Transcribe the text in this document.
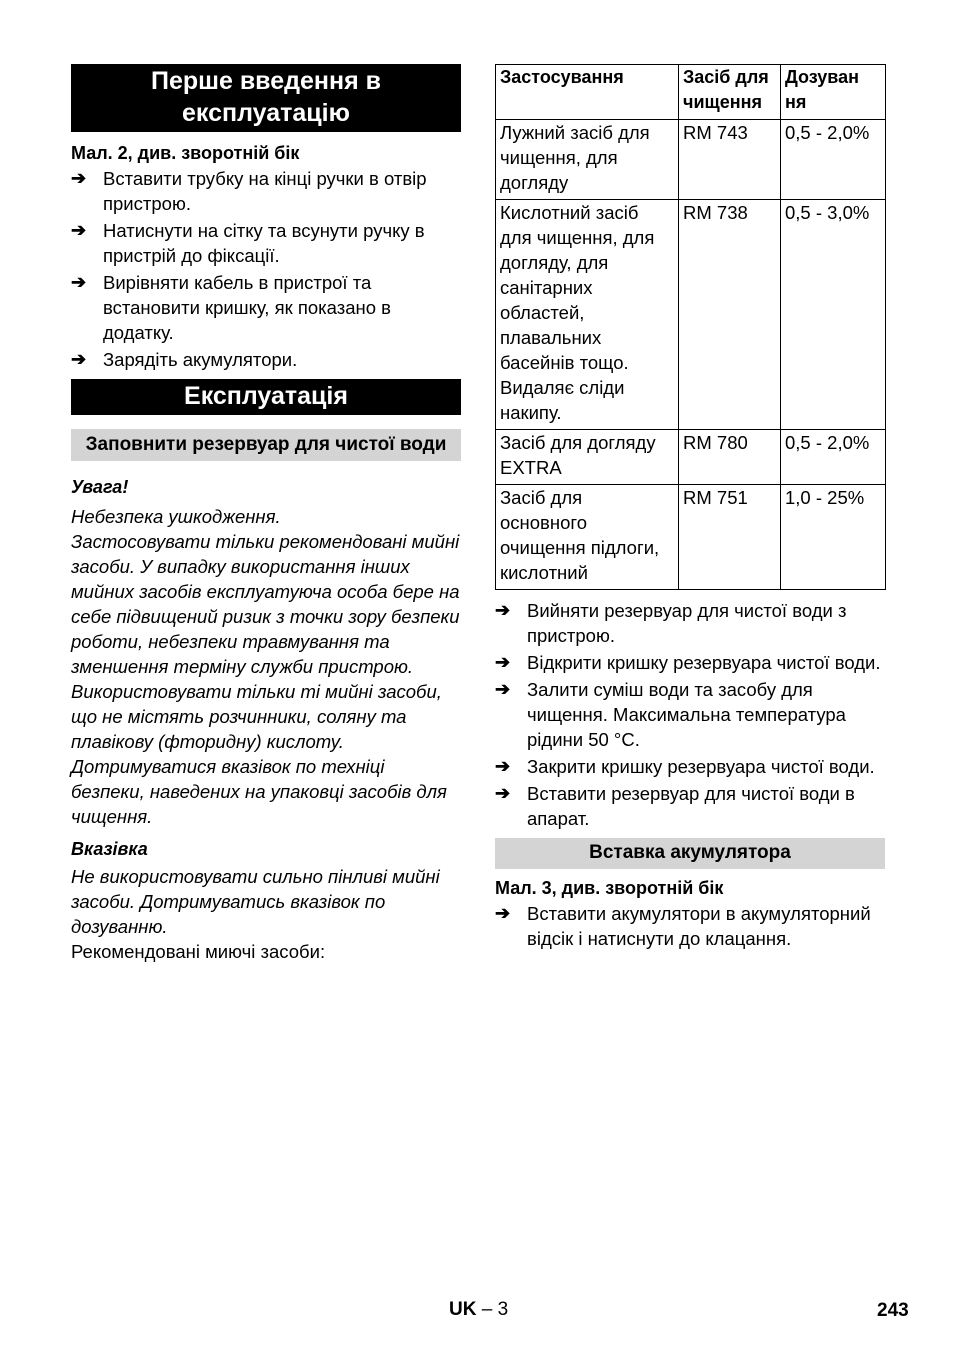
Перше введення в експлуатацію
Мал. 2, див. зворотній бік
➔ Вставити трубку на кінці ручки в отвір пристрою.
➔ Натиснути на сітку та всунути ручку в пристрій до фіксації.
➔ Вирівняти кабель в пристрої та встановити кришку, як показано в додатку.
➔ Зарядіть акумулятори.
Експлуатація
Заповнити резервуар для чистої води
Увага!
Небезпека ушкодження.
Застосовувати тільки рекомендовані мийні засоби. У випадку використання інших мийних засобів експлуатуюча особа бере на себе підвищений ризик з точки зору безпеки роботи, небезпеки травмування та зменшення терміну служби пристрою. Використовувати тільки ті мийні засоби, що не містять розчинники, соляну та плавікову (фторидну) кислоту.
Дотримуватися вказівок по техніці безпеки, наведених на упаковці засобів для чищення.
Вказівка
Не використовувати сильно пінливі мийні засоби. Дотримуватись вказівок по дозуванню.
Рекомендовані миючі засоби:
Застосування	Засіб для чищення	Дозуван ня
Лужний засіб для чищення, для догляду	RM 743	0,5 - 2,0%
Кислотний засіб для чищення, для догляду, для санітарних областей, плавальних басейнів тощо. Видаляє сліди накипу.	RM 738	0,5 - 3,0%
Засіб для догляду EXTRA	RM 780	0,5 - 2,0%
Засіб для основного очищення підлоги, кислотний	RM 751	1,0 - 25%
➔ Вийняти резервуар для чистої води з пристрою.
➔ Відкрити кришку резервуара чистої води.
➔ Залити суміш води та засобу для чищення. Максимальна температура рідини 50 °C.
➔ Закрити кришку резервуара чистої води.
➔ Вставити резервуар для чистої води в апарат.
Вставка акумулятора
Мал. 3, див. зворотній бік
➔ Вставити акумулятори в акумуляторний відсік і натиснути до клацання.
UK – 3	243
